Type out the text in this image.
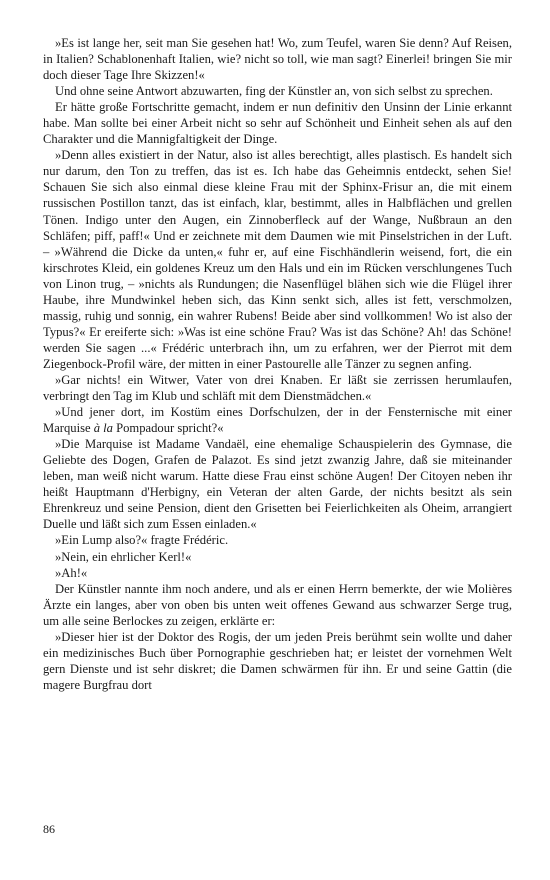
»Es ist lange her, seit man Sie gesehen hat! Wo, zum Teufel, waren Sie denn? Auf Reisen, in Italien? Schablonenhaft Italien, wie? nicht so toll, wie man sagt? Einerlei! bringen Sie mir doch dieser Tage Ihre Skizzen!«

Und ohne seine Antwort abzuwarten, fing der Künstler an, von sich selbst zu sprechen.

Er hätte große Fortschritte gemacht, indem er nun definitiv den Unsinn der Linie erkannt habe. Man sollte bei einer Arbeit nicht so sehr auf Schönheit und Einheit sehen als auf den Charakter und die Mannigfaltigkeit der Dinge.

»Denn alles existiert in der Natur, also ist alles berechtigt, alles plastisch. Es handelt sich nur darum, den Ton zu treffen, das ist es. Ich habe das Geheimnis entdeckt, sehen Sie! Schauen Sie sich also einmal diese kleine Frau mit der Sphinx-Frisur an, die mit einem russischen Postillon tanzt, das ist einfach, klar, bestimmt, alles in Halbflächen und grellen Tönen. Indigo unter den Augen, ein Zinnoberfleck auf der Wange, Nußbraun an den Schläfen; piff, paff!« Und er zeichnete mit dem Daumen wie mit Pinselstrichen in der Luft. – »Während die Dicke da unten,« fuhr er, auf eine Fischhändlerin weisend, fort, die ein kirschrotes Kleid, ein goldenes Kreuz um den Hals und ein im Rücken verschlungenes Tuch von Linon trug, – »nichts als Rundungen; die Nasenflügel blähen sich wie die Flügel ihrer Haube, ihre Mundwinkel heben sich, das Kinn senkt sich, alles ist fett, verschmolzen, massig, ruhig und sonnig, ein wahrer Rubens! Beide aber sind vollkommen! Wo ist also der Typus?« Er ereiferte sich: »Was ist eine schöne Frau? Was ist das Schöne? Ah! das Schöne! werden Sie sagen ...« Frédéric unterbrach ihn, um zu erfahren, wer der Pierrot mit dem Ziegenbock-Profil wäre, der mitten in einer Pastourelle alle Tänzer zu segnen anfing.

»Gar nichts! ein Witwer, Vater von drei Knaben. Er läßt sie zerrissen herumlaufen, verbringt den Tag im Klub und schläft mit dem Dienstmädchen.«

»Und jener dort, im Kostüm eines Dorfschulzen, der in der Fensternische mit einer Marquise à la Pompadour spricht?«

»Die Marquise ist Madame Vandaël, eine ehemalige Schauspielerin des Gymnase, die Geliebte des Dogen, Grafen de Palazot. Es sind jetzt zwanzig Jahre, daß sie miteinander leben, man weiß nicht warum. Hatte diese Frau einst schöne Augen! Der Citoyen neben ihr heißt Hauptmann d'Herbigny, ein Veteran der alten Garde, der nichts besitzt als sein Ehrenkreuz und seine Pension, dient den Grisetten bei Feierlichkeiten als Oheim, arrangiert Duelle und läßt sich zum Essen einladen.«

»Ein Lump also?« fragte Frédéric.

»Nein, ein ehrlicher Kerl!«

»Ah!«

Der Künstler nannte ihm noch andere, und als er einen Herrn bemerkte, der wie Molières Ärzte ein langes, aber von oben bis unten weit offenes Gewand aus schwarzer Serge trug, um alle seine Berlockes zu zeigen, erklärte er:

»Dieser hier ist der Doktor des Rogis, der um jeden Preis berühmt sein wollte und daher ein medizinisches Buch über Pornographie geschrieben hat; er leistet der vornehmen Welt gern Dienste und ist sehr diskret; die Damen schwärmen für ihn. Er und seine Gattin (die magere Burgfrau dort

86
